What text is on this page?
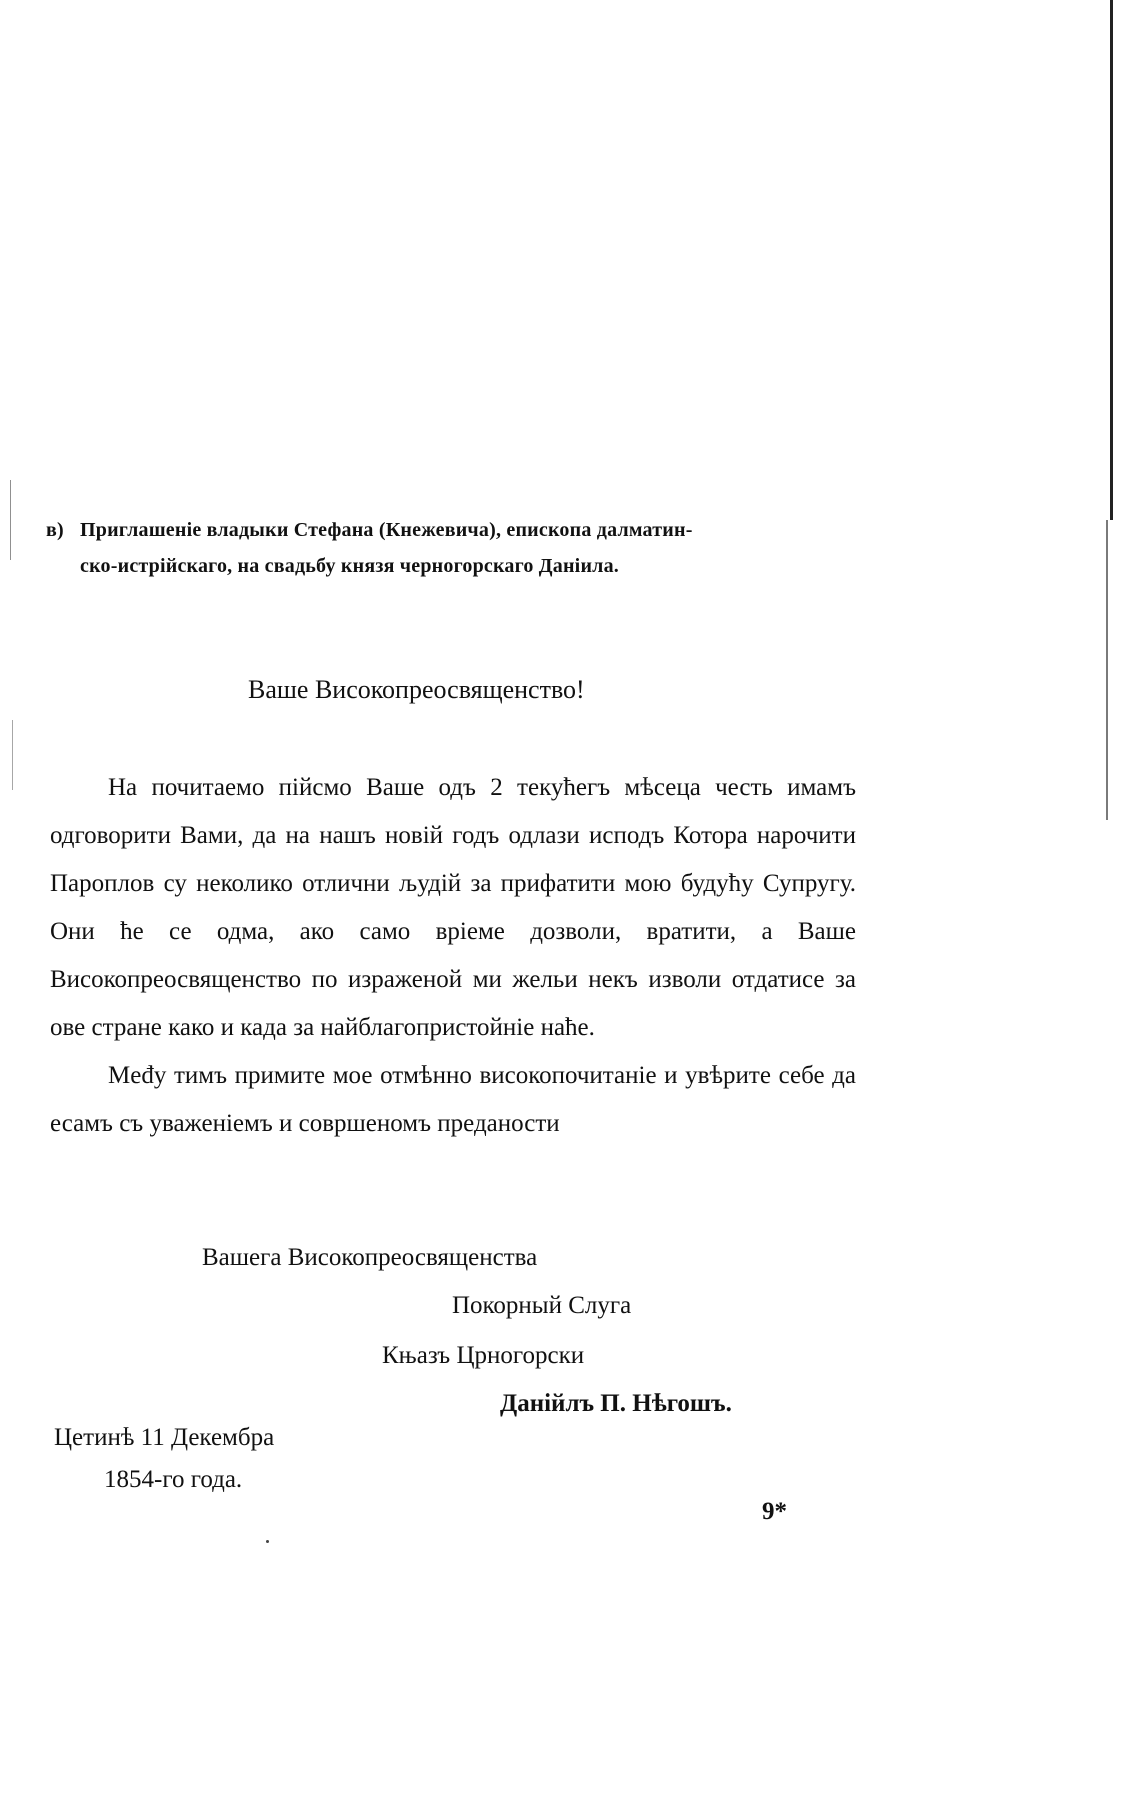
в) Приглашеніе владыки Стефана (Кнежевича), епископа далматин-
ско-истрійскаго, на свадьбу князя черногорскаго Даніила.
Ваше Високопреосвященство!

На почитаемо пійсмо Ваше одъ 2 текућегъ мѣсеца честь имамъ одговорити Вами, да на нашъ новій годъ одлази исподъ Котора нарочити Пароплов су неколико отлични људій за прифатити мою будућу Супругу. Они ће се одма, ако само вріеме дозволи, вратити, а Ваше Високопреосвященство по израженой ми жельи некъ изволи отдатисе за ове стране како и када за найблагопристойніе наће.

Međу тимъ примите мое отмѣнно високопочитаніе и увѣрите себе да есамъ съ уваженіемъ и совршеномъ преданости

Вашега Високопреосвященства
Покорный Слуга
Књазъ Црногорски
Данійлъ П. Нѣгошъ.
Цетинѣ 11 Декембра
1854-го года.
9*
